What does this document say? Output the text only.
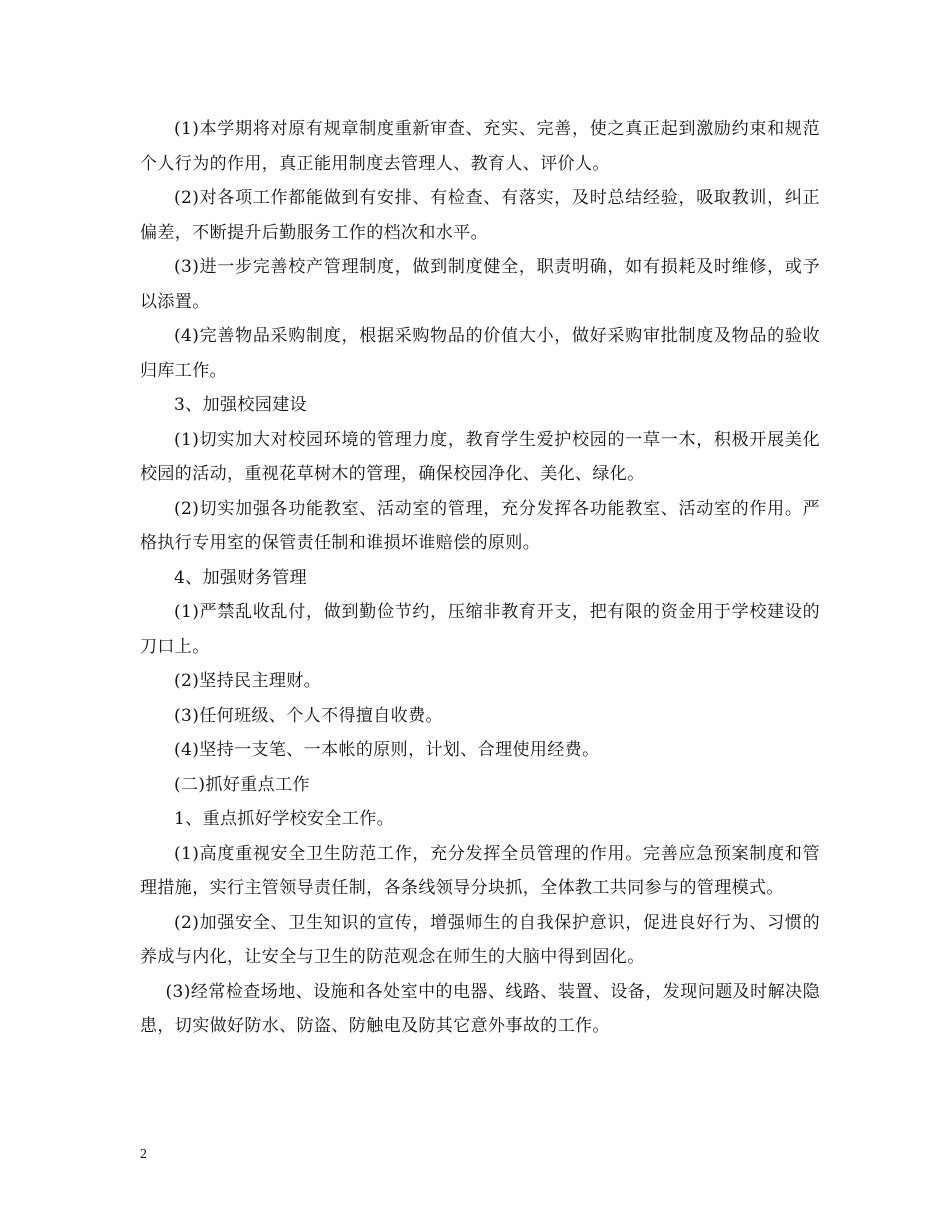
(1)本学期将对原有规章制度重新审查、充实、完善，使之真正起到激励约束和规范个人行为的作用，真正能用制度去管理人、教育人、评价人。

(2)对各项工作都能做到有安排、有检查、有落实，及时总结经验，吸取教训，纠正偏差，不断提升后勤服务工作的档次和水平。

(3)进一步完善校产管理制度，做到制度健全，职责明确，如有损耗及时维修，或予以添置。

(4)完善物品采购制度，根据采购物品的价值大小，做好采购审批制度及物品的验收归库工作。

3、加强校园建设

(1)切实加大对校园环境的管理力度，教育学生爱护校园的一草一木，积极开展美化校园的活动，重视花草树木的管理，确保校园净化、美化、绿化。

(2)切实加强各功能教室、活动室的管理，充分发挥各功能教室、活动室的作用。严格执行专用室的保管责任制和谁损坏谁赔偿的原则。

4、加强财务管理

(1)严禁乱收乱付，做到勤俭节约，压缩非教育开支，把有限的资金用于学校建设的刀口上。

(2)坚持民主理财。

(3)任何班级、个人不得擅自收费。

(4)坚持一支笔、一本帐的原则，计划、合理使用经费。

(二)抓好重点工作

1、重点抓好学校安全工作。

(1)高度重视安全卫生防范工作，充分发挥全员管理的作用。完善应急预案制度和管理措施，实行主管领导责任制，各条线领导分块抓，全体教工共同参与的管理模式。

(2)加强安全、卫生知识的宣传，增强师生的自我保护意识，促进良好行为、习惯的养成与内化，让安全与卫生的防范观念在师生的大脑中得到固化。

(3)经常检查场地、设施和各处室中的电器、线路、装置、设备，发现问题及时解决隐患，切实做好防水、防盗、防触电及防其它意外事故的工作。

2
